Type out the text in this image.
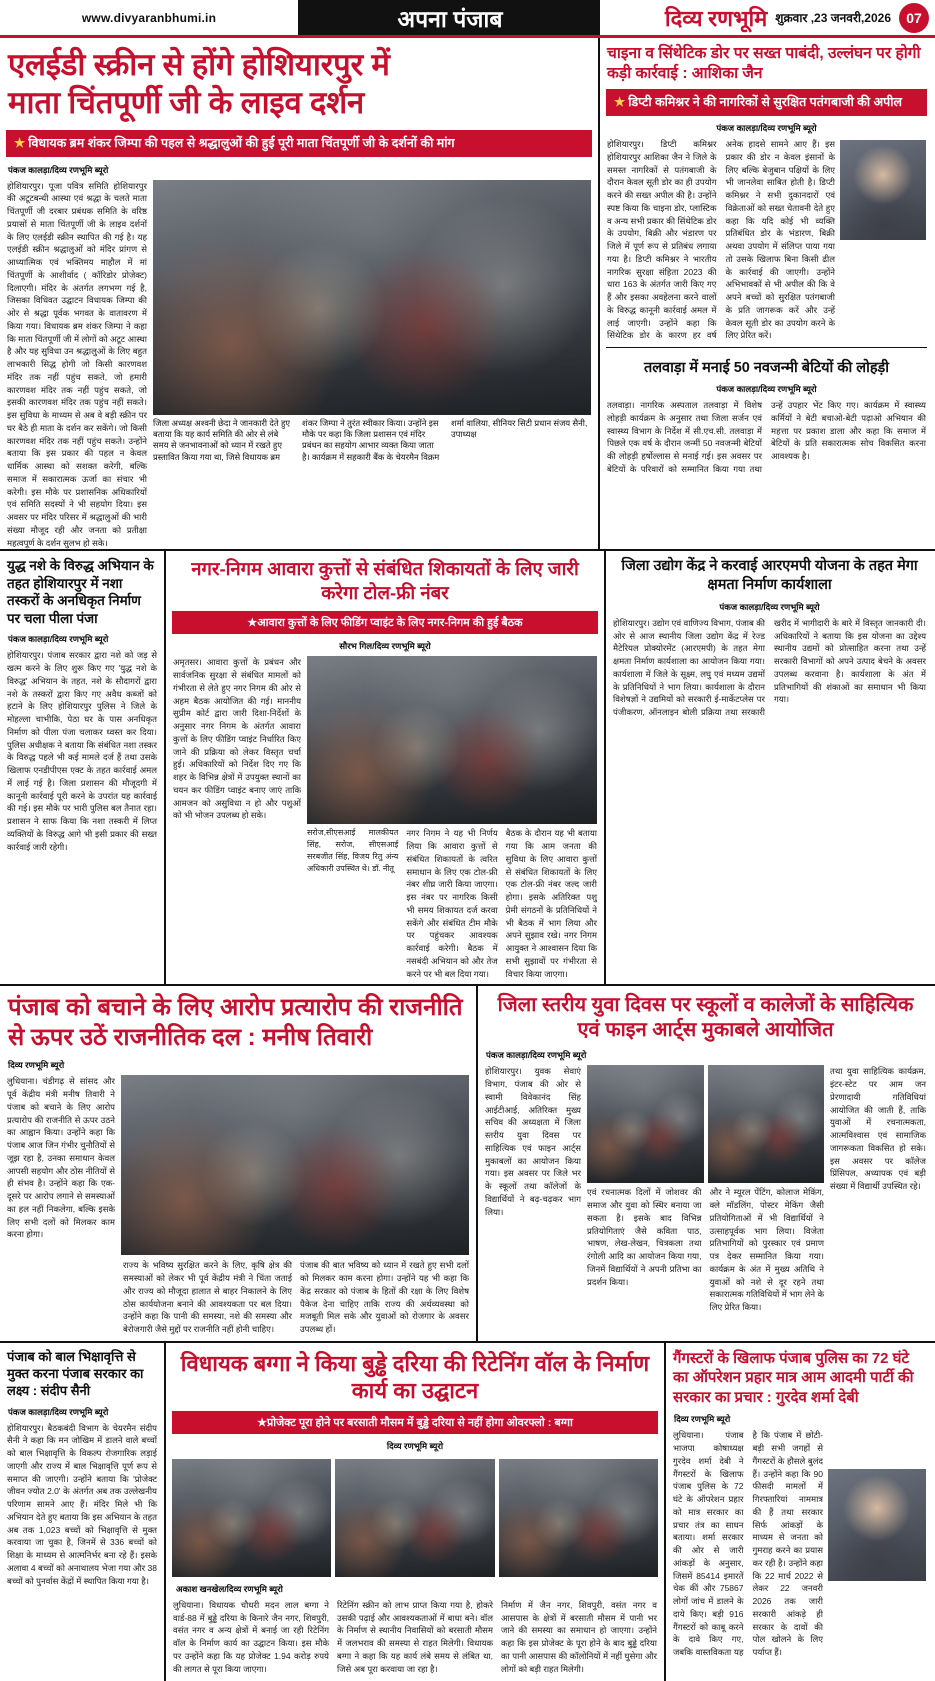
www.divyaranbhumi.in	अपना पंजाब	दिव्य रणभूमि शुक्रवार ,23 जनवरी,2026	07
एलईडी स्क्रीन से होंगे होशियारपुर में
माता चिंतपूर्णी जी के लाइव दर्शन
★ विधायक ब्रम शंकर जिम्पा की पहल से श्रद्धालुओं की हुई पूरी माता चिंतपूर्णी जी के दर्शनों की मांग
पंकज कालड़ा/दिव्य रणभूमि ब्यूरो
होशियारपुर। पूजा पवित्र समिति होशियारपुर की अटूटबन्धी आस्था एवं श्रद्धा के चलते माता चिंतपूर्णी जी दरबार प्रबंधक समिति के वरिष्ठ प्रयासों से माता चिंतपूर्णी जी के लाइव दर्शनों के लिए एलईडी स्क्रीन स्थापित की गई है। यह एलईडी स्क्रीन श्रद्धालुओं को मंदिर प्रांगण से आध्यात्मिक एवं भक्तिमय माहौल में मां चिंतपूर्णी के आशीर्वाद ( कॉरिडोर प्रोजेक्ट) दिलाएगी। मंदिर के अंतर्गत लगभग्ग गई है, जिसका विधिवत उद्घाटन विधायक जिम्पा की ओर से श्रद्धा पूर्वक भगवत के वातावरण में किया गया। विधायक ब्रम शंकर जिम्पा ने कहा कि माता चिंतपूर्णी जी में लोगों को अटूट आस्था है और यह सुविधा उन श्रद्धालुओं के लिए बहुत लाभकारी सिद्ध होगी जो किसी कारणवश मंदिर तक नहीं पहुंच सकते, जो हमारी कारणवश मंदिर तक नहीं पहुंच सकते, जो इसकी कारणवश मंदिर तक पहुंच नहीं सकते। इस सुविधा के माध्यम से अब वे बड़ी स्क्रीन पर घर बैठे ही माता के दर्शन कर सकेंगे। जो किसी कारणवश मंदिर तक नहीं पहुंच सकते। उन्होंने बताया कि इस प्रकार की पहल न केवल धार्मिक आस्था को सशक्त करेगी, बल्कि समाज में सकारात्मक ऊर्जा का संचार भी करेगी। इस मौके पर प्रशासनिक अधिकारियों एवं समिति सदस्यों ने भी सहयोग दिया। इस अवसर पर मंदिर परिसर में श्रद्धालुओं की भारी संख्या मौजूद रही और जनता को प्रतीक्षा महत्वपूर्ण के दर्शन सुलभ हो सके।
जिला अध्यक्ष अश्वनी छेदा ने जानकारी देते हुए बताया कि यह कार्य समिति की ओर से लंबे समय से जनभावनाओं को ध्यान में रखते हुए प्रस्तावित किया गया था, जिसे विधायक ब्रम शंकर जिम्पा ने तुरंत स्वीकार किया। उन्होंने इस मौके पर कहा कि जिला प्रशासन एवं मंदिर प्रबंधन का सहयोग आभार व्यक्त किया जाता है। कार्यक्रम में सहकारी बैंक के चेयरमैन विक्रम शर्मा वालिया, सीनियर सिटी प्रधान संजय सैनी, उपाध्यक्ष
चाइना व सिंथेटिक डोर पर सख्त पाबंदी, उल्लंघन पर होगी कड़ी कार्रवाई : आशिका जैन
★ डिप्टी कमिश्नर ने की नागरिकों से सुरक्षित पतंगबाजी की अपील
पंकज कालड़ा/दिव्य रणभूमि ब्यूरो
होशियारपुर। डिप्टी कमिश्नर होशियारपुर आशिका जैन ने जिले के समस्त नागरिकों से पतंगबाजी के दौरान केवल सूती डोर का ही उपयोग करने की सख्त अपील की है। उन्होंने स्पष्ट किया कि चाइना डोर, प्लास्टिक व अन्य सभी प्रकार की सिंथेटिक डोर के उपयोग, बिक्री और भंडारण पर जिले में पूर्ण रूप से प्रतिबंध लगाया गया है। डिप्टी कमिश्नर ने भारतीय नागरिक सुरक्षा संहिता 2023 की धारा 163 के अंतर्गत जारी किए गए हैं और इसका अवहेलना करने वालों के विरुद्ध कानूनी कार्रवाई अमल में लाई जाएगी। उन्होंने कहा कि सिंथेटिक डोर के कारण हर वर्ष अनेक हादसे सामने आए हैं। इस प्रकार की डोर न केवल इंसानों के लिए बल्कि बेजुबान पक्षियों के लिए भी जानलेवा साबित होती है। डिप्टी कमिश्नर ने सभी दुकानदारों एवं विक्रेताओं को सख्त चेतावनी देते हुए कहा कि यदि कोई भी व्यक्ति प्रतिबंधित डोर के भंडारण, बिक्री अथवा उपयोग में संलिप्त पाया गया तो उसके खिलाफ बिना किसी ढील के कार्रवाई की जाएगी। उन्होंने अभिभावकों से भी अपील की कि वे अपने बच्चों को सुरक्षित पतंगबाजी के प्रति जागरूक करें और उन्हें केवल सूती डोर का उपयोग करने के लिए प्रेरित करें।
तलवाड़ा में मनाई 50 नवजन्मी बेटियों की लोहड़ी
पंकज कालड़ा/दिव्य रणभूमि ब्यूरो
तलवाड़ा। नागरिक अस्पताल तलवाड़ा में विशेष लोहड़ी कार्यक्रम के अनुसार तथा जिला सर्जन एवं स्वास्थ्य विभाग के निर्देश में सी.एच.सी. तलवाड़ा में पिछले एक वर्ष के दौरान जन्मीं 50 नवजन्मी बेटियों की लोहड़ी हर्षोल्लास से मनाई गई। इस अवसर पर बेटियों के परिवारों को सम्मानित किया गया तथा उन्हें उपहार भेंट किए गए। कार्यक्रम में स्वास्थ्य कर्मियों ने बेटी बचाओ-बेटी पढ़ाओ अभियान की महत्ता पर प्रकाश डाला और कहा कि समाज में बेटियों के प्रति सकारात्मक सोच विकसित करना आवश्यक है।
युद्ध नशे के विरुद्ध अभियान के तहत होशियारपुर में नशा तस्करों के अनधिकृत निर्माण पर चला पीला पंजा
पंकज कालड़ा/दिव्य रणभूमि ब्यूरो
होशियारपुर। पंजाब सरकार द्वारा नशे को जड़ से खत्म करने के लिए शुरू किए गए 'युद्ध नशे के विरुद्ध' अभियान के तहत, नशे के सौदागरों द्वारा नशे के तस्करों द्वारा किए गए अवैध कब्जों को हटाने के लिए होशियारपुर पुलिस ने जिले के मोहल्ला चाभीकि, पेठा घर के पास अनधिकृत निर्माण को पीला पंजा चलाकर ध्वस्त कर दिया। पुलिस अधीक्षक ने बताया कि संबंधित नशा तस्कर के विरुद्ध पहले भी कई मामले दर्ज हैं तथा उसके खिलाफ एनडीपीएस एक्ट के तहत कार्रवाई अमल में लाई गई है। जिला प्रशासन की मौजूदगी में कानूनी कार्रवाई पूरी करने के उपरांत यह कार्रवाई की गई। इस मौके पर भारी पुलिस बल तैनात रहा। प्रशासन ने साफ किया कि नशा तस्करी में लिप्त व्यक्तियों के विरुद्ध आगे भी इसी प्रकार की सख्त कार्रवाई जारी रहेगी।
नगर-निगम आवारा कुत्तों से संबंधित शिकायतों के लिए जारी करेगा टोल-फ्री नंबर
★आवारा कुत्तों के लिए फीडिंग प्वाइंट के लिए नगर-निगम की हुई बैठक
सौरभ गिल/दिव्य रणभूमि ब्यूरो
अमृतसर। आवारा कुत्तों के प्रबंधन और सार्वजनिक सुरक्षा से संबंधित मामलों को गंभीरता से लेते हुए नगर निगम की ओर से अहम बैठक आयोजित की गई। माननीय सुप्रीम कोर्ट द्वारा जारी दिशा-निर्देशों के अनुसार नगर निगम के अंतर्गत आवारा कुत्तों के लिए फीडिंग प्वाइंट निर्धारित किए जाने की प्रक्रिया को लेकर विस्तृत चर्चा हुई। अधिकारियों को निर्देश दिए गए कि शहर के विभिन्न क्षेत्रों में उपयुक्त स्थानों का चयन कर फीडिंग प्वाइंट बनाए जाएं ताकि आमजन को असुविधा न हो और पशुओं को भी भोजन उपलब्ध हो सके।
सरोज,सीएसआई मालकीयत सिंह, सरोज, सीएसआई सरबजीत सिंह, विजय रितु अंन्य अधिकारी उपस्थित थे। डॉ. नीतू
नगर निगम ने यह भी निर्णय लिया कि आवारा कुत्तों से संबंधित शिकायतों के त्वरित समाधान के लिए एक टोल-फ्री नंबर शीघ्र जारी किया जाएगा। इस नंबर पर नागरिक किसी भी समय शिकायत दर्ज करवा सकेंगे और संबंधित टीम मौके पर पहुंचकर आवश्यक कार्रवाई करेगी। बैठक में नसबंदी अभियान को और तेज करने पर भी बल दिया गया।
बैठक के दौरान यह भी बताया गया कि आम जनता की सुविधा के लिए आवारा कुत्तों से संबंधित शिकायतों के लिए एक टोल-फ्री नंबर जल्द जारी होगा। इसके अतिरिक्त पशु प्रेमी संगठनों के प्रतिनिधियों ने भी बैठक में भाग लिया और अपने सुझाव रखे। नगर निगम आयुक्त ने आश्वासन दिया कि सभी सुझावों पर गंभीरता से विचार किया जाएगा।
जिला उद्योग केंद्र ने करवाई आरएमपी योजना के तहत मेगा क्षमता निर्माण कार्यशाला
पंकज कालड़ा/दिव्य रणभूमि ब्यूरो
होशियारपुर। उद्योग एवं वाणिज्य विभाग, पंजाब की ओर से आज स्थानीय जिला उद्योग केंद्र में रेज्ड मैटेरियल प्रोक्योरमेंट (आरएमपी) के तहत मेगा क्षमता निर्माण कार्यशाला का आयोजन किया गया। कार्यशाला में जिले के सूक्ष्म, लघु एवं मध्यम उद्यमों के प्रतिनिधियों ने भाग लिया। कार्यशाला के दौरान विशेषज्ञों ने उद्यमियों को सरकारी ई-मार्केटप्लेस पर पंजीकरण, ऑनलाइन बोली प्रक्रिया तथा सरकारी खरीद में भागीदारी के बारे में विस्तृत जानकारी दी। अधिकारियों ने बताया कि इस योजना का उद्देश्य स्थानीय उद्यमों को प्रोत्साहित करना तथा उन्हें सरकारी विभागों को अपने उत्पाद बेचने के अवसर उपलब्ध करवाना है। कार्यशाला के अंत में प्रतिभागियों की शंकाओं का समाधान भी किया गया।
पंजाब को बचाने के लिए आरोप प्रत्यारोप की राजनीति से ऊपर उठें राजनीतिक दल : मनीष तिवारी
दिव्य रणभूमि ब्यूरो
लुधियाना। चंडीगढ़ से सांसद और पूर्व केंद्रीय मंत्री मनीष तिवारी ने पंजाब को बचाने के लिए आरोप प्रत्यारोप की राजनीति से ऊपर उठने का आह्वान किया। उन्होंने कहा कि पंजाब आज जिन गंभीर चुनौतियों से जूझ रहा है, उनका समाधान केवल आपसी सहयोग और ठोस नीतियों से ही संभव है। उन्होंने कहा कि एक-दूसरे पर आरोप लगाने से समस्याओं का हल नहीं निकलेगा, बल्कि इसके लिए सभी दलों को मिलकर काम करना होगा।
राज्य के भविष्य सुरक्षित करने के लिए, कृषि क्षेत्र की समस्याओं को लेकर भी पूर्व केंद्रीय मंत्री ने चिंता जताई और राज्य को मौजूदा हालात से बाहर निकालने के लिए ठोस कार्ययोजना बनाने की आवश्यकता पर बल दिया। उन्होंने कहा कि पानी की समस्या, नशे की समस्या और बेरोजगारी जैसे मुद्दों पर राजनीति नहीं होनी चाहिए।
पंजाब की बात भविष्य को ध्यान में रखते हुए सभी दलों को मिलकर काम करना होगा। उन्होंने यह भी कहा कि केंद्र सरकार को पंजाब के हितों की रक्षा के लिए विशेष पैकेज देना चाहिए ताकि राज्य की अर्थव्यवस्था को मजबूती मिल सके और युवाओं को रोजगार के अवसर उपलब्ध हों।
जिला स्तरीय युवा दिवस पर स्कूलों व कालेजों के साहित्यिक एवं फाइन आर्ट्स मुकाबले आयोजित
पंकज कालड़ा/दिव्य रणभूमि ब्यूरो
होशियारपुर। युवक सेवाएं विभाग, पंजाब की ओर से स्वामी विवेकानंद सिंह आईटीआई, अतिरिक्त मुख्य सचिव की अध्यक्षता में जिला स्तरीय युवा दिवस पर साहित्यिक एवं फाइन आर्ट्स मुकाबलों का आयोजन किया गया। इस अवसर पर जिले भर के स्कूलों तथा कॉलेजों के विद्यार्थियों ने बढ़-चढ़कर भाग लिया।
एवं रचनात्मक दिलों में जोशवर की समाज और युवा को स्थिर बनाया जा सकता है। इसके बाद विभिन्न प्रतियोगिताएं जैसे कविता पाठ, भाषण, लेख-लेखन, चित्रकला तथा रंगोली आदि का आयोजन किया गया, जिनमें विद्यार्थियों ने अपनी प्रतिभा का प्रदर्शन किया।
और ने म्यूरल पेंटिंग, कोलाज मेकिंग, क्ले मॉडलिंग, पोस्टर मेकिंग जैसी प्रतियोगिताओं में भी विद्यार्थियों ने उत्साहपूर्वक भाग लिया। विजेता प्रतिभागियों को पुरस्कार एवं प्रमाण पत्र देकर सम्मानित किया गया। कार्यक्रम के अंत में मुख्य अतिथि ने युवाओं को नशे से दूर रहने तथा सकारात्मक गतिविधियों में भाग लेने के लिए प्रेरित किया।
तथा युवा साहित्यिक कार्यक्रम, इंटर-स्टेट पर आम जन प्रेरणादायी गतिविधियां आयोजित की जाती हैं, ताकि युवाओं में रचनात्मकता, आत्मविश्वास एवं सामाजिक जागरूकता विकसित हो सके। इस अवसर पर कॉलेज प्रिंसिपल, अध्यापक एवं बड़ी संख्या में विद्यार्थी उपस्थित रहे।
पंजाब को बाल भिक्षावृत्ति से मुक्त करना पंजाब सरकार का लक्ष्य : संदीप सैनी
पंकज कालड़ा/दिव्य रणभूमि ब्यूरो
होशियारपुर। बैठकबंदी विभाग के चेयरमैन संदीप सैनी ने कहा कि मन जोखिम में डालने वाले बच्चों को बाल भिक्षावृत्ति के विकल्प रोजगारिक लड़ाई जाएगी और राज्य में बाल भिक्षावृत्ति पूर्ण रूप से समाप्त की जाएगी। उन्होंने बताया कि 'प्रोजेक्ट जीवन ज्योत 2.0' के अंतर्गत अब तक उल्लेखनीय परिणाम सामने आए हैं। मंदिर मिले भी कि अभियान देते हुए बताया कि इस अभियान के तहत अब तक 1,023 बच्चों को भिक्षावृत्ति से मुक्त करवाया जा चुका है, जिनमें से 336 बच्चों को शिक्षा के माध्यम से आत्मनिर्भर बना रहे हैं। इसके अलावा 4 बच्चों को अनाथालय भेजा गया और 38 बच्चों को पुनर्वास केंद्रों में स्थापित किया गया है।
विधायक बग्गा ने किया बुड्ढे दरिया की रिटेनिंग वॉल के निर्माण कार्य का उद्घाटन
★प्रोजेक्ट पूरा होने पर बरसाती मौसम में बुड्ढे दरिया से नहीं होगा ओवरफ्लो : बग्गा
दिव्य रणभूमि ब्यूरो
अकाश खनखेल/दिव्य रणभूमि ब्यूरो
लुधियाना। विधायक चौधरी मदन लाल बग्गा ने वार्ड-88 में बुड्ढे दरिया के किनारे जैन नगर, शिवपुरी, वसंत नगर व अन्य क्षेत्रों में बनाई जा रही रिटेनिंग वॉल के निर्माण कार्य का उद्घाटन किया। इस मौके पर उन्होंने कहा कि यह प्रोजेक्ट 1.94 करोड़ रुपये की लागत से पूरा किया जाएगा।
रिटेनिंग स्क्रीन को लाभ प्राप्त किया गया है, होकरे उसकी पढ़ाई और आवश्यकताओं में बाधा बने। वॉल के निर्माण से स्थानीय निवासियों को बरसाती मौसम में जलभराव की समस्या से राहत मिलेगी। विधायक बग्गा ने कहा कि यह कार्य लंबे समय से लंबित था, जिसे अब पूरा करवाया जा रहा है।
निर्माण में जैन नगर, शिवपुरी, वसंत नगर व आसपास के क्षेत्रों में बरसाती मौसम में पानी भर जाने की समस्या का समाधान हो जाएगा। उन्होंने कहा कि इस प्रोजेक्ट के पूरा होने के बाद बुड्ढे दरिया का पानी आसपास की कॉलोनियों में नहीं घुसेगा और लोगों को बड़ी राहत मिलेगी।
गैंगस्टरों के खिलाफ पंजाब पुलिस का 72 घंटे का ऑपरेशन प्रहार मात्र आम आदमी पार्टी की सरकार का प्रचार : गुरदेव शर्मा देबी
दिव्य रणभूमि ब्यूरो
लुधियाना। पंजाब भाजपा कोषाध्यक्ष गुरदेव शर्मा देबी ने गैंगस्टरों के खिलाफ पंजाब पुलिस के 72 घंटे के ऑपरेशन प्रहार को मात्र सरकार का प्रचार तंत्र का साधन बताया। शर्मा सरकार की ओर से जारी आंकड़ों के अनुसार, जिसमें 85414 इमारतें चेक कीं और 75867 लोगों जांच में डालने के दाये किए। बड़ी 916 गैंगस्टरों को काबू करने के दावे किए गए, जबकि वास्तविकता यह है कि पंजाब में छोटी-बड़ी सभी जगहों से गैंगस्टरों के हौसले बुलंद हैं। उन्होंने कहा कि 90 फीसदी मामलों में गिरफ्तारियां नाममात्र की हैं तथा सरकार सिर्फ आंकड़ों के माध्यम से जनता को गुमराह करने का प्रयास कर रही है। उन्होंने कहा कि 22 मार्च 2022 से लेकर 22 जनवरी 2026 तक जारी सरकारी आंकड़े ही सरकार के दावों की पोल खोलने के लिए पर्याप्त हैं।
